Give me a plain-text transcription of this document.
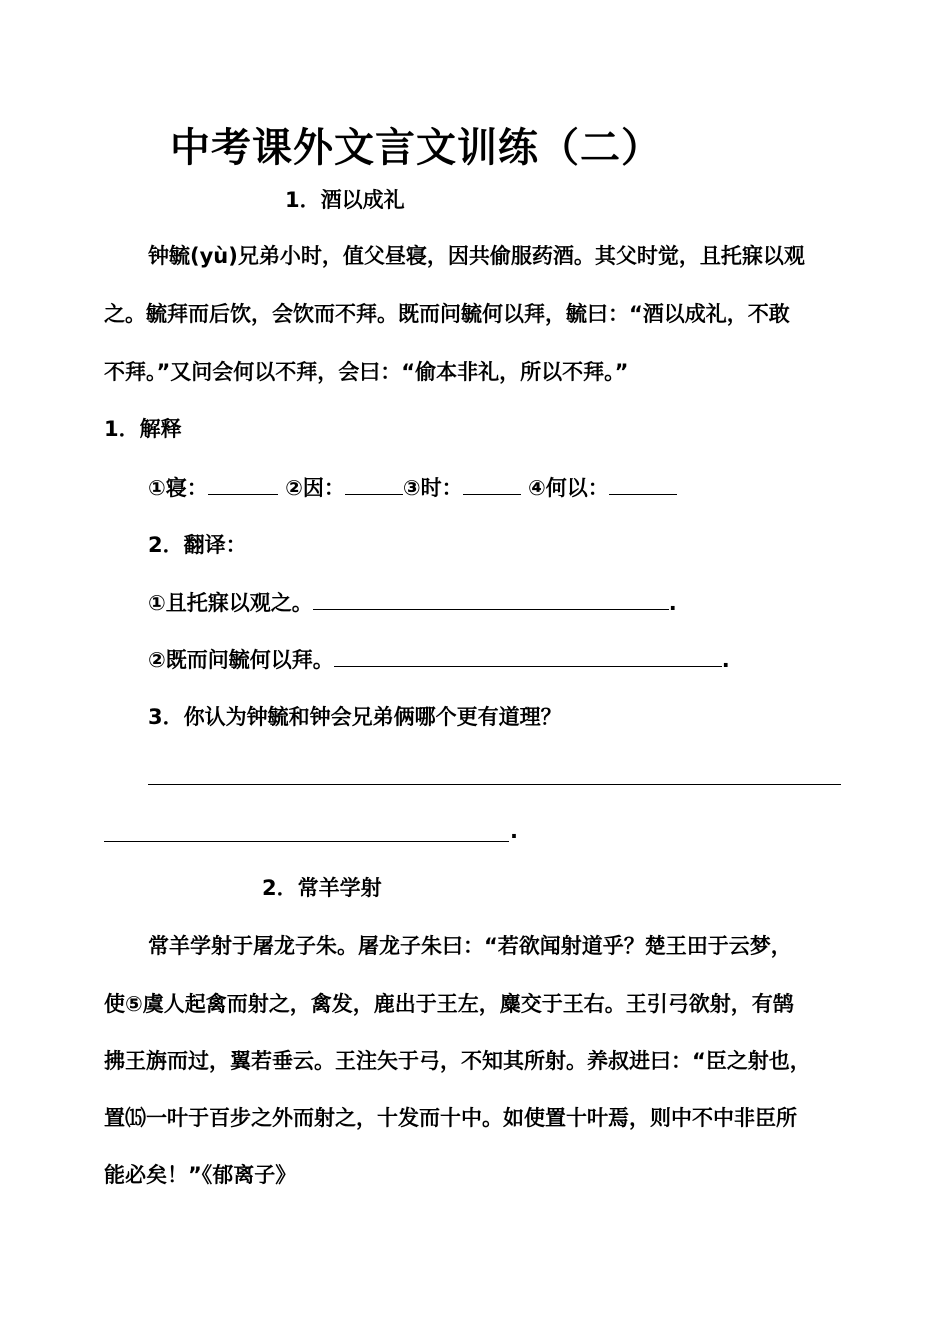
中考课外文言文训练（二）
1．酒以成礼
钟毓(yù)兄弟小时，值父昼寝，因共偷服药酒。其父时觉，且托寐以观
之。毓拜而后饮，会饮而不拜。既而问毓何以拜，毓曰：“酒以成礼，不敢
不拜。”又问会何以不拜，会曰：“偷本非礼，所以不拜。”
1．解释
①寝：	②因：	③时：	④何以：
2．翻译：
①且托寐以观之。	.
②既而问毓何以拜。	.
3．你认为钟毓和钟会兄弟俩哪个更有道理？
.
2．常羊学射
常羊学射于屠龙子朱。屠龙子朱曰：“若欲闻射道乎？楚王田于云梦，
使⑤虞人起禽而射之，禽发，鹿出于王左，麋交于王右。王引弓欲射，有鹄
拂王旃而过，翼若垂云。王注矢于弓，不知其所射。养叔进曰：“臣之射也，
置⒂一叶于百步之外而射之，十发而十中。如使置十叶焉，则中不中非臣所
能必矣！”《郁离子》
